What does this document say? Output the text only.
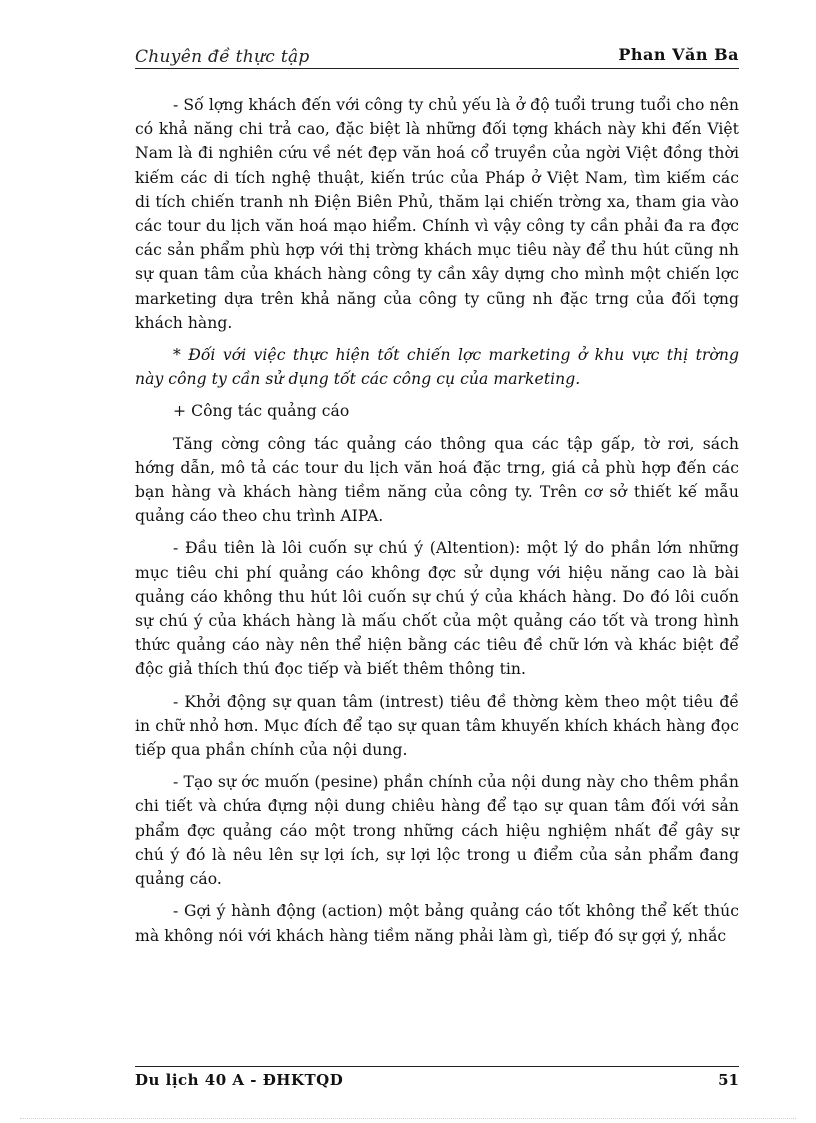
Chuyên đề thực tập	Phan Văn Ba

- Số lợng khách đến với công ty chủ yếu là ở độ tuổi trung tuổi cho nên có khả năng chi trả cao, đặc biệt là những đối tợng khách này khi đến Việt Nam là đi nghiên cứu về nét đẹp văn hoá cổ truyền của ngời Việt đồng thời kiếm các di tích nghệ thuật, kiến trúc của Pháp ở Việt Nam, tìm kiếm các di tích chiến tranh nh Điện Biên Phủ, thăm lại chiến trờng xa, tham gia vào các tour du lịch văn hoá mạo hiểm. Chính vì vậy công ty cần phải đa ra đợc các sản phẩm phù hợp với thị trờng khách mục tiêu này để thu hút cũng nh sự quan tâm của khách hàng công ty cần xây dựng cho mình một chiến lợc marketing dựa trên khả năng của công ty cũng nh đặc trng của đối tợng khách hàng.

* Đối với việc thực hiện tốt chiến lợc marketing ở khu vực thị trờng này công ty cần sử dụng tốt các công cụ của marketing.

+ Công tác quảng cáo

Tăng cờng công tác quảng cáo thông qua các tập gấp, tờ rơi, sách hớng dẫn, mô tả các tour du lịch văn hoá đặc trng, giá cả phù hợp đến các bạn hàng và khách hàng tiềm năng của công ty. Trên cơ sở thiết kế mẫu quảng cáo theo chu trình AIPA.

- Đầu tiên là lôi cuốn sự chú ý (Altention): một lý do phần lớn những mục tiêu chi phí quảng cáo không đợc sử dụng với hiệu năng cao là bài quảng cáo không thu hút lôi cuốn sự chú ý của khách hàng. Do đó lôi cuốn sự chú ý của khách hàng là mấu chốt của một quảng cáo tốt và trong hình thức quảng cáo này nên thể hiện bằng các tiêu đề chữ lớn và khác biệt để độc giả thích thú đọc tiếp và biết thêm thông tin.

- Khởi động sự quan tâm (intrest) tiêu đề thờng kèm theo một tiêu đề in chữ nhỏ hơn. Mục đích để tạo sự quan tâm khuyến khích khách hàng đọc tiếp qua phần chính của nội dung.

- Tạo sự ớc muốn (pesine) phần chính của nội dung này cho thêm phần chi tiết và chứa đựng nội dung chiêu hàng để tạo sự quan tâm đối với sản phẩm đợc quảng cáo một trong những cách hiệu nghiệm nhất để gây sự chú ý đó là nêu lên sự lợi ích, sự lợi lộc trong u điểm của sản phẩm đang quảng cáo.

- Gợi ý hành động (action) một bảng quảng cáo tốt không thể kết thúc mà không nói với khách hàng tiềm năng phải làm gì, tiếp đó sự gợi ý, nhắc

Du lịch 40 A - ĐHKTQD	51
